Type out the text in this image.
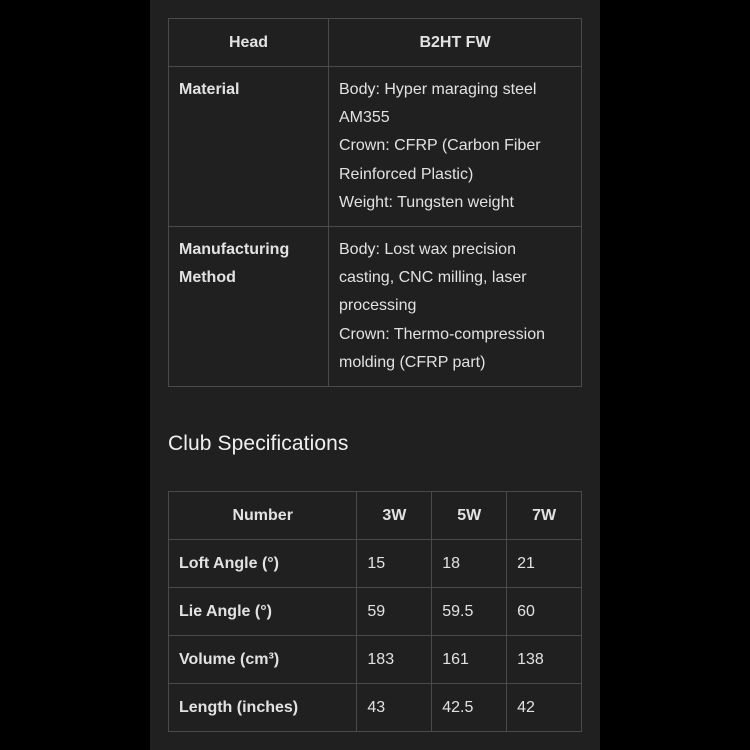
Head	B2HT FW
Material	Body: Hyper maraging steel
AM355
Crown: CFRP (Carbon Fiber
Reinforced Plastic)
Weight: Tungsten weight

Manufacturing
Method	Body: Lost wax precision
casting, CNC milling, laser
processing
Crown: Thermo-compression
molding (CFRP part)
Club Specifications
Number	3W	5W	7W
Loft Angle (°)	15	18	21
Lie Angle (°)	59	59.5	60
Volume (cm³)	183	161	138
Length (inches)	43	42.5	42
